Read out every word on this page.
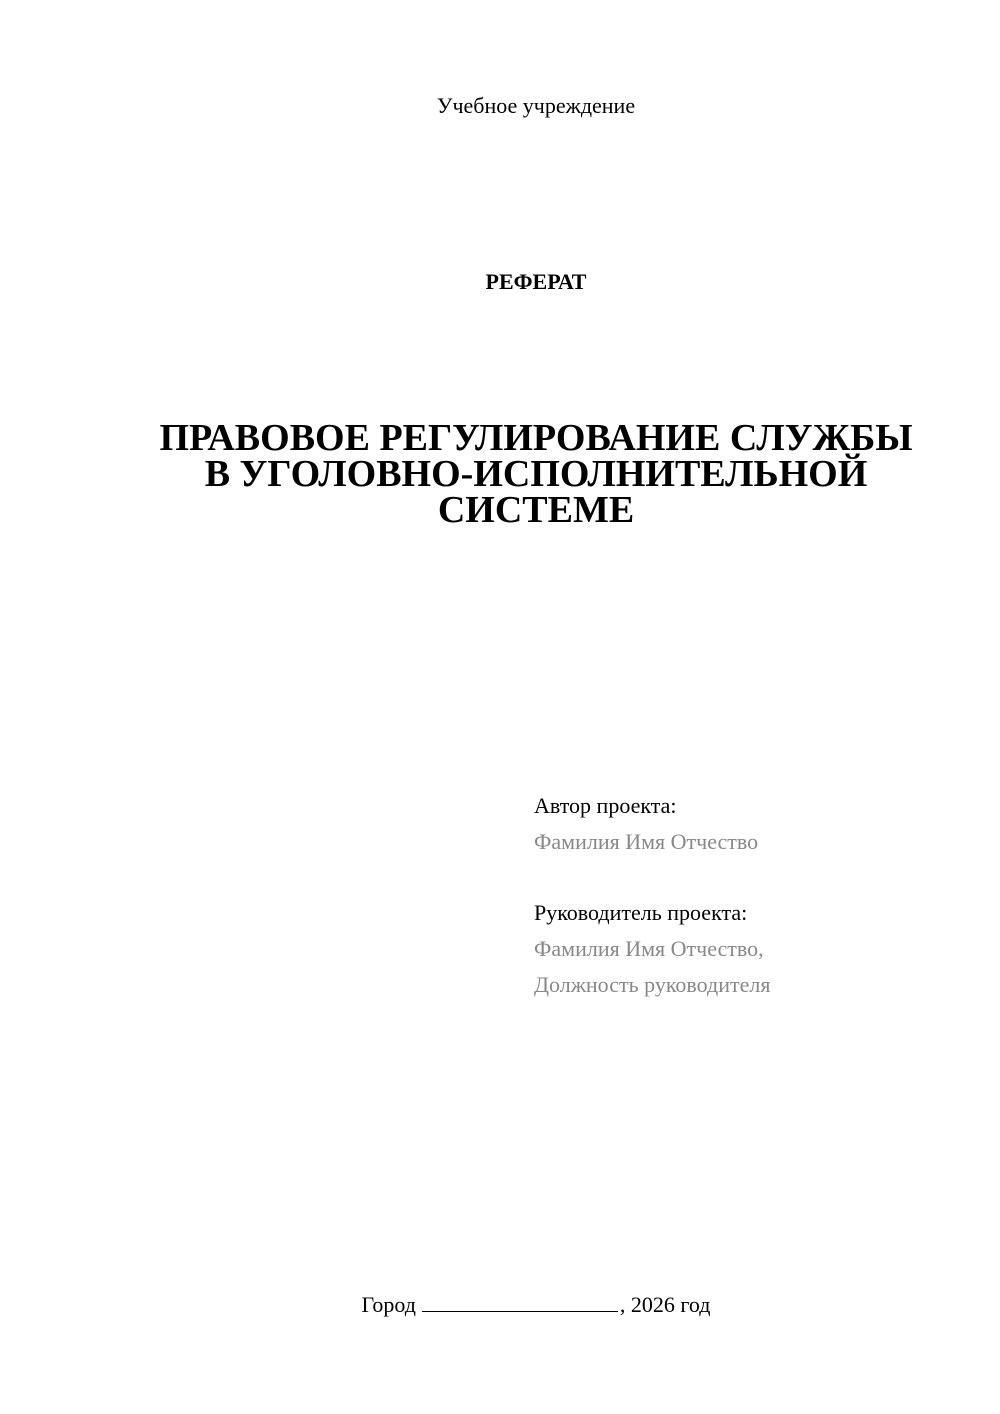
Учебное учреждение
РЕФЕРАТ
ПРАВОВОЕ РЕГУЛИРОВАНИЕ СЛУЖБЫ
В УГОЛОВНО-ИСПОЛНИТЕЛЬНОЙ
СИСТЕМЕ
Автор проекта:
Фамилия Имя Отчество
Руководитель проекта:
Фамилия Имя Отчество,
Должность руководителя
Город	, 2026 год
